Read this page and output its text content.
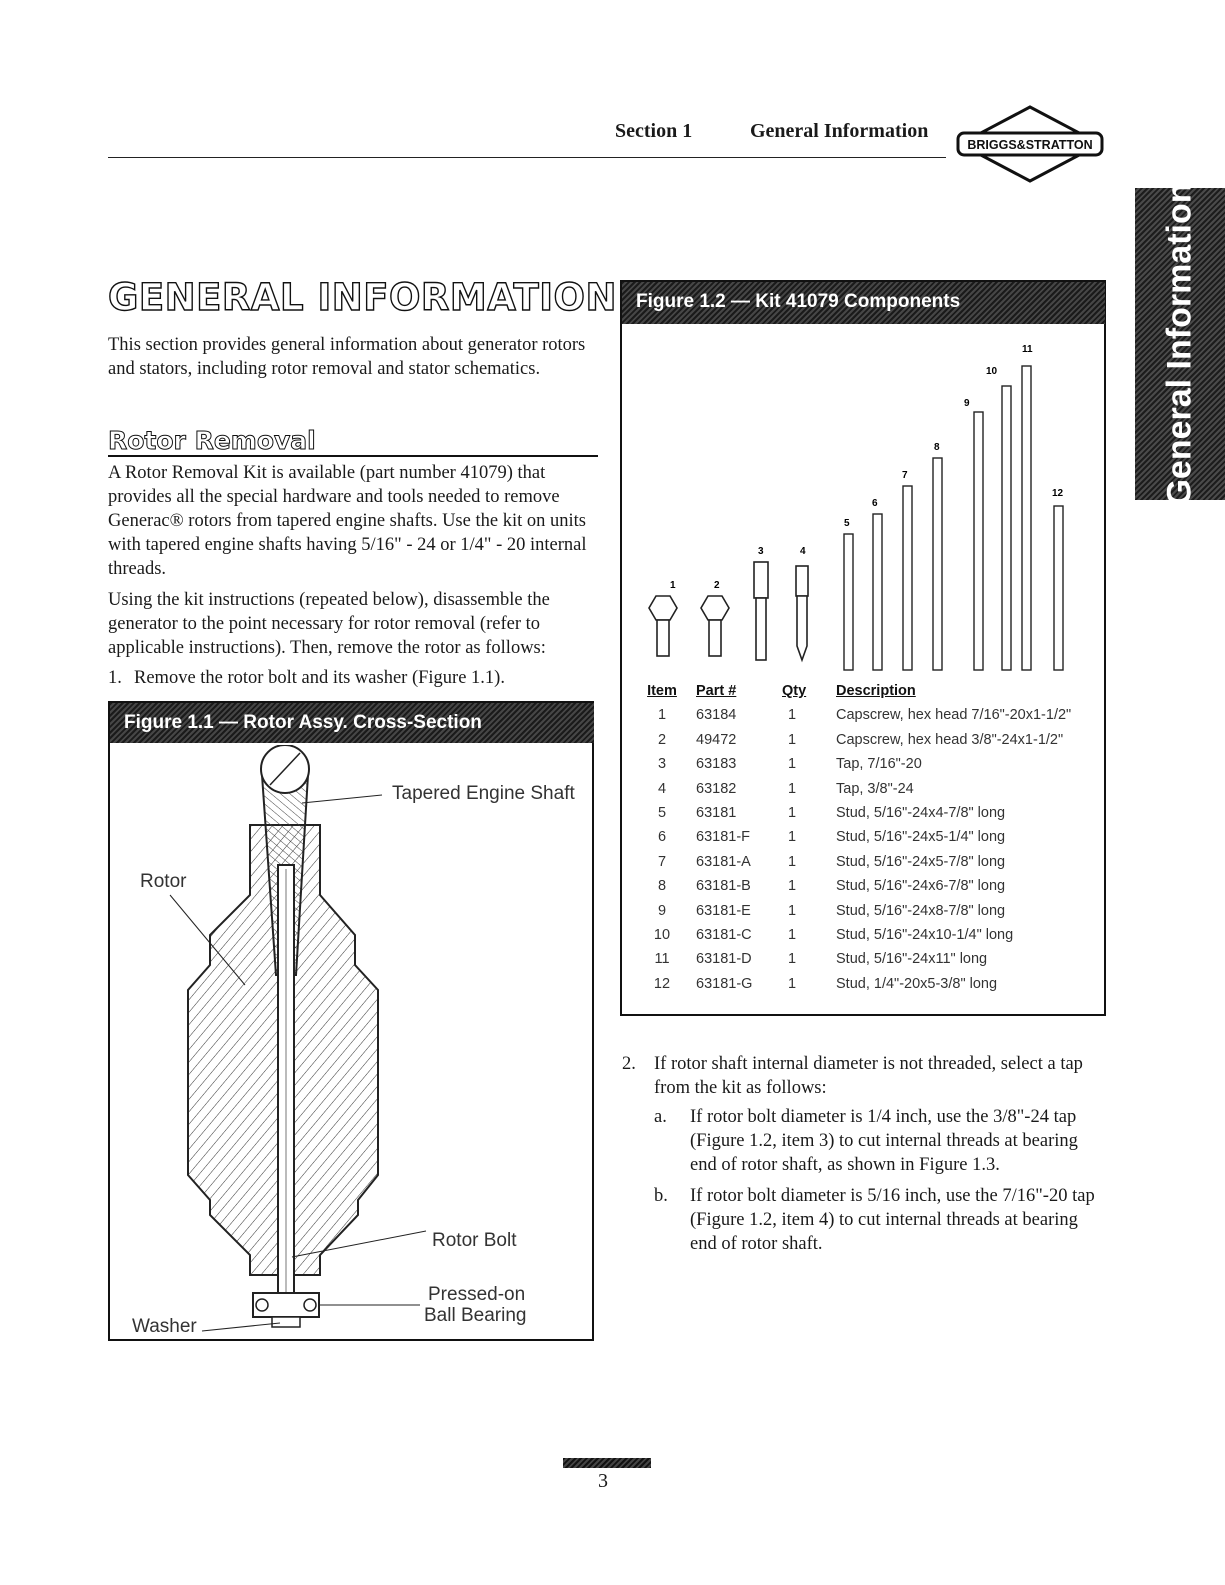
Section 1	General Information
BRIGGS&STRATTON
General Information
GENERAL INFORMATION
This section provides general information about generator rotors and stators, including rotor removal and stator schematics.
Rotor Removal
A Rotor Removal Kit is available (part number 41079) that provides all the special hardware and tools needed to remove Generac® rotors from tapered engine shafts. Use the kit on units with tapered engine shafts having 5/16" - 24 or 1/4" - 20 internal threads.
Using the kit instructions (repeated below), disassemble the generator to the point necessary for rotor removal (refer to applicable instructions). Then, remove the rotor as follows:
1. Remove the rotor bolt and its washer (Figure 1.1).
Figure 1.1 — Rotor Assy. Cross-Section
Tapered Engine Shaft
Rotor
Rotor Bolt
Pressed-on
Ball Bearing
Washer
Figure 1.2 — Kit 41079 Components
1	2
3	4
5
6
7
8
9
10
11
12
Item	Part #	Qty Description
1	63184	1	Capscrew, hex head 7/16"-20x1-1/2"
2	49472	1	Capscrew, hex head 3/8"-24x1-1/2"
3	63183	1	Tap, 7/16"-20
4	63182	1	Tap, 3/8"-24
5	63181	1	Stud, 5/16"-24x4-7/8" long
6	63181-F	1	Stud, 5/16"-24x5-1/4" long
7	63181-A	1	Stud, 5/16"-24x5-7/8" long
8	63181-B	1	Stud, 5/16"-24x6-7/8" long
9	63181-E	1	Stud, 5/16"-24x8-7/8" long
10	63181-C	1	Stud, 5/16"-24x10-1/4" long
11	63181-D	1	Stud, 5/16"-24x11" long
12	63181-G	1	Stud, 1/4"-20x5-3/8" long
2. If rotor shaft internal diameter is not threaded, select a tap from the kit as follows:
a. If rotor bolt diameter is 1/4 inch, use the 3/8"-24 tap (Figure 1.2, item 3) to cut internal threads at bearing end of rotor shaft, as shown in Figure 1.3.
b. If rotor bolt diameter is 5/16 inch, use the 7/16"-20 tap (Figure 1.2, item 4) to cut internal threads at bearing end of rotor shaft.
3
